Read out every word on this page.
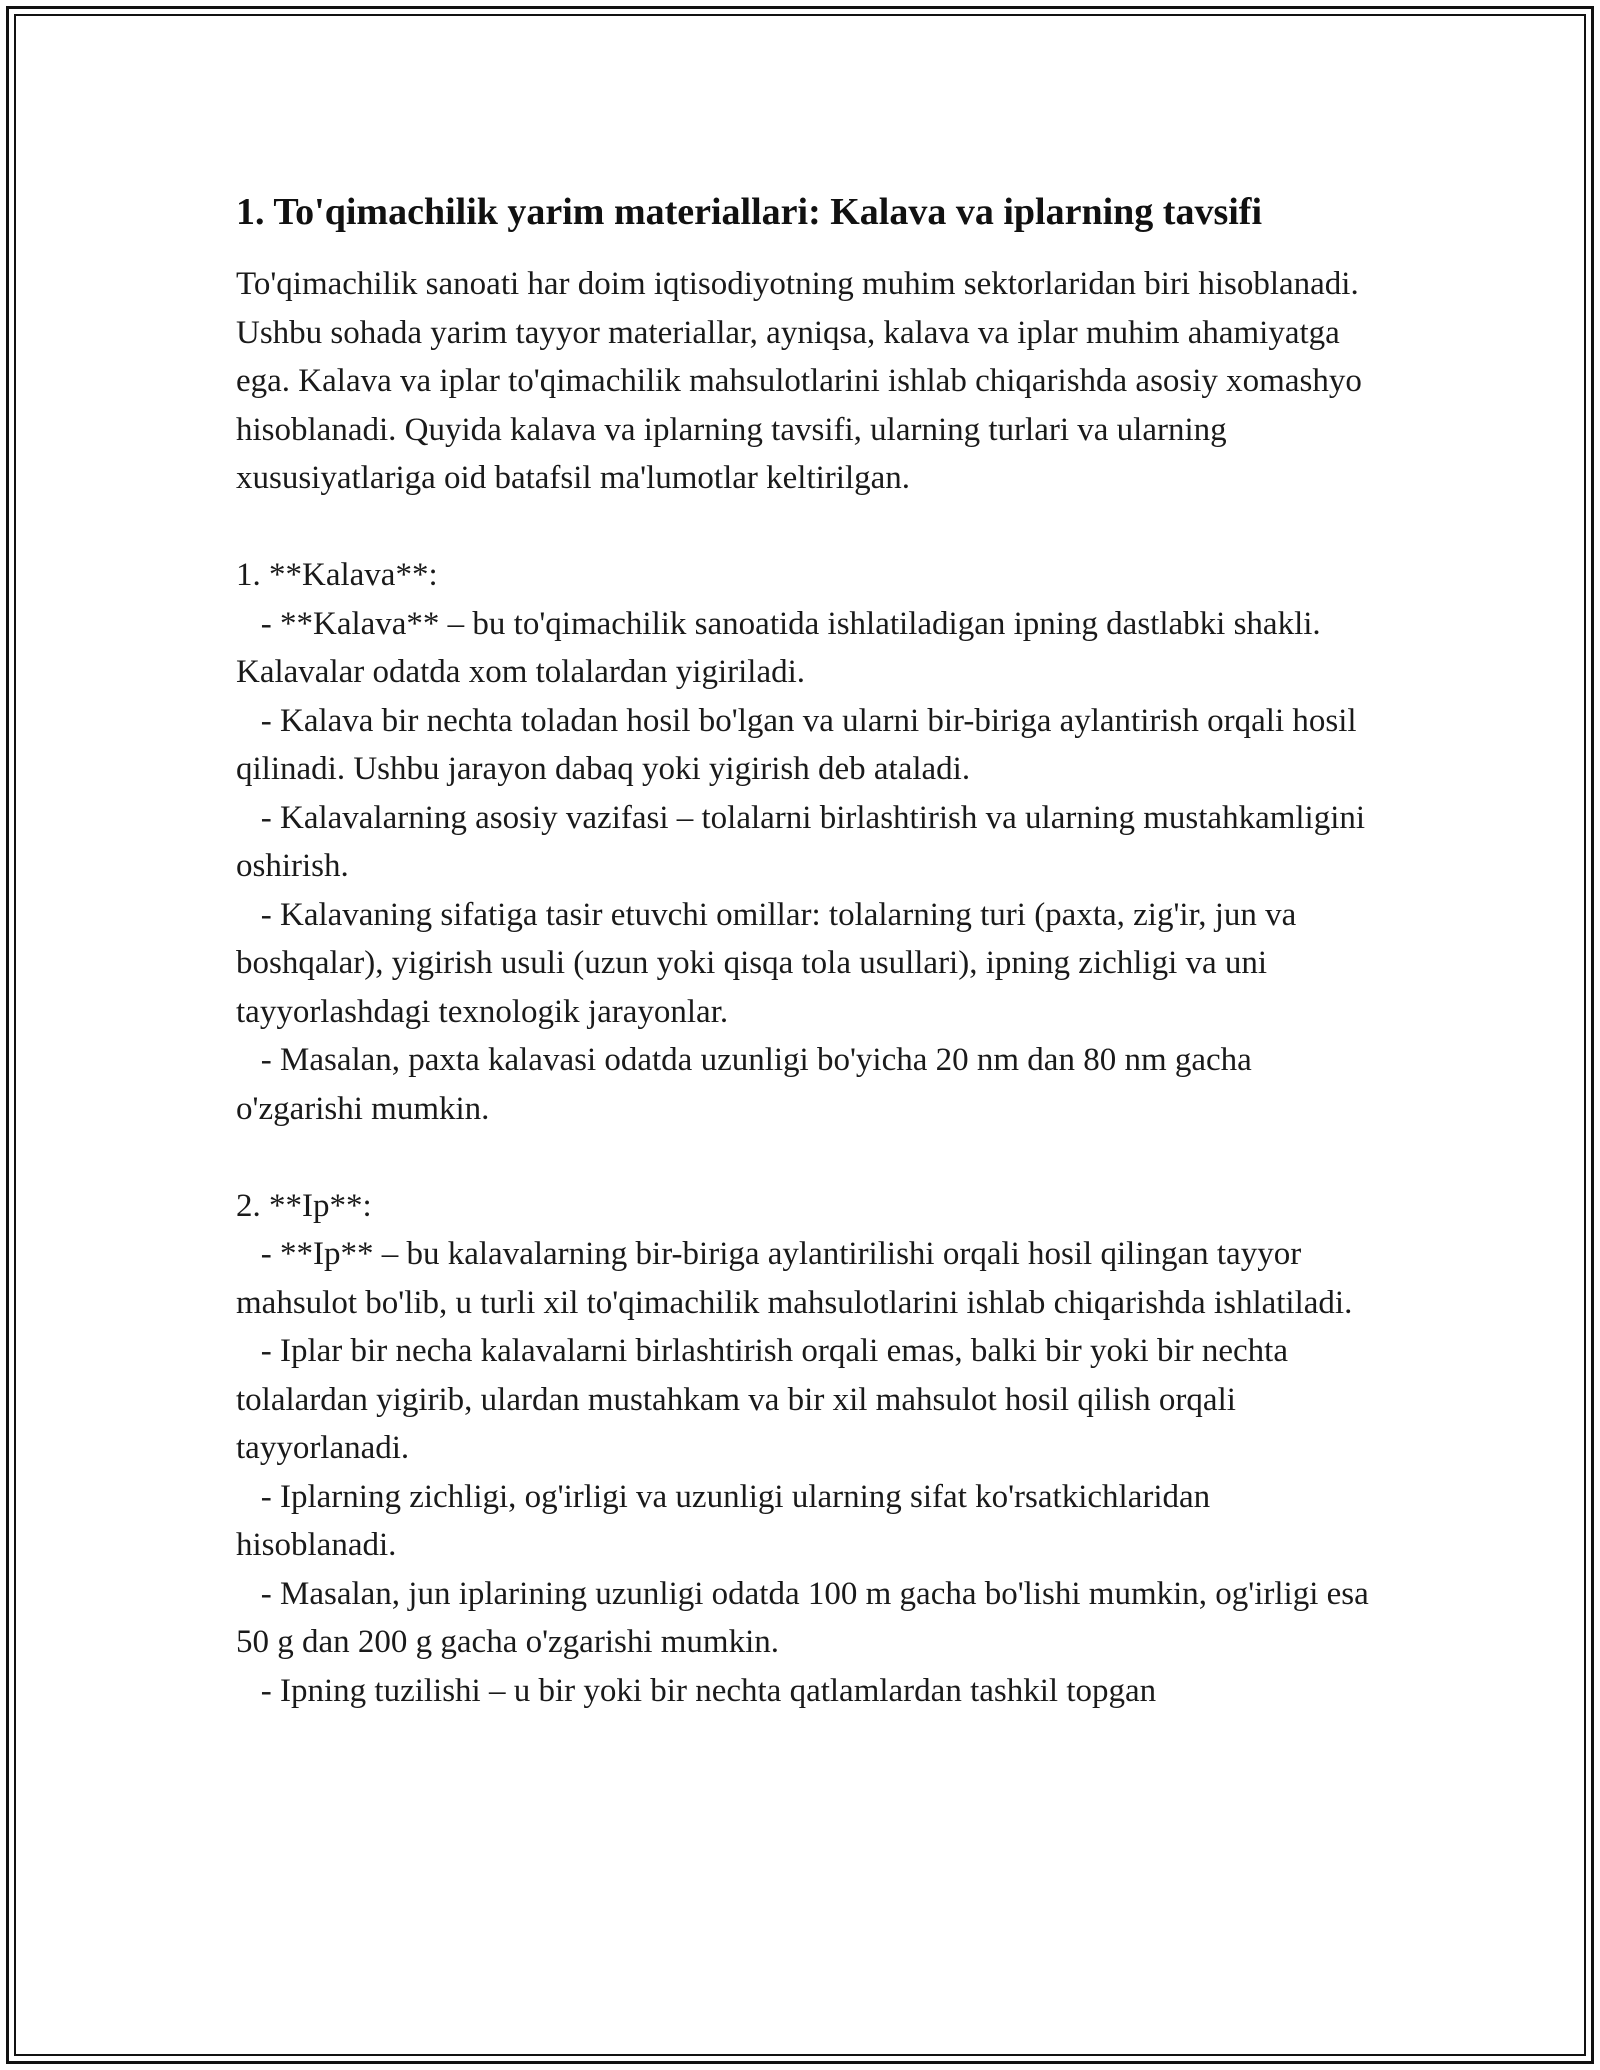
1. To'qimachilik yarim materiallari: Kalava va iplarning tavsifi

To'qimachilik sanoati har doim iqtisodiyotning muhim sektorlaridan biri hisoblanadi. Ushbu sohada yarim tayyor materiallar, ayniqsa, kalava va iplar muhim ahamiyatga ega. Kalava va iplar to'qimachilik mahsulotlarini ishlab chiqarishda asosiy xomashyo hisoblanadi. Quyida kalava va iplarning tavsifi, ularning turlari va ularning xususiyatlariga oid batafsil ma'lumotlar keltirilgan.

1. **Kalava**:

- **Kalava** – bu to'qimachilik sanoatida ishlatiladigan ipning dastlabki shakli. Kalavalar odatda xom tolalardan yigiriladi.

- Kalava bir nechta toladan hosil bo'lgan va ularni bir-biriga aylantirish orqali hosil qilinadi. Ushbu jarayon dabaq yoki yigirish deb ataladi.

- Kalavalarning asosiy vazifasi – tolalarni birlashtirish va ularning mustahkamligini oshirish.

- Kalavaning sifatiga tasir etuvchi omillar: tolalarning turi (paxta, zig'ir, jun va boshqalar), yigirish usuli (uzun yoki qisqa tola usullari), ipning zichligi va uni tayyorlashdagi texnologik jarayonlar.

- Masalan, paxta kalavasi odatda uzunligi bo'yicha 20 nm dan 80 nm gacha o'zgarishi mumkin.

2. **Ip**:

- **Ip** – bu kalavalarning bir-biriga aylantirilishi orqali hosil qilingan tayyor mahsulot bo'lib, u turli xil to'qimachilik mahsulotlarini ishlab chiqarishda ishlatiladi.

- Iplar bir necha kalavalarni birlashtirish orqali emas, balki bir yoki bir nechta tolalardan yigirib, ulardan mustahkam va bir xil mahsulot hosil qilish orqali tayyorlanadi.

- Iplarning zichligi, og'irligi va uzunligi ularning sifat ko'rsatkichlaridan hisoblanadi.

- Masalan, jun iplarining uzunligi odatda 100 m gacha bo'lishi mumkin, og'irligi esa 50 g dan 200 g gacha o'zgarishi mumkin.

- Ipning tuzilishi – u bir yoki bir nechta qatlamlardan tashkil topgan
